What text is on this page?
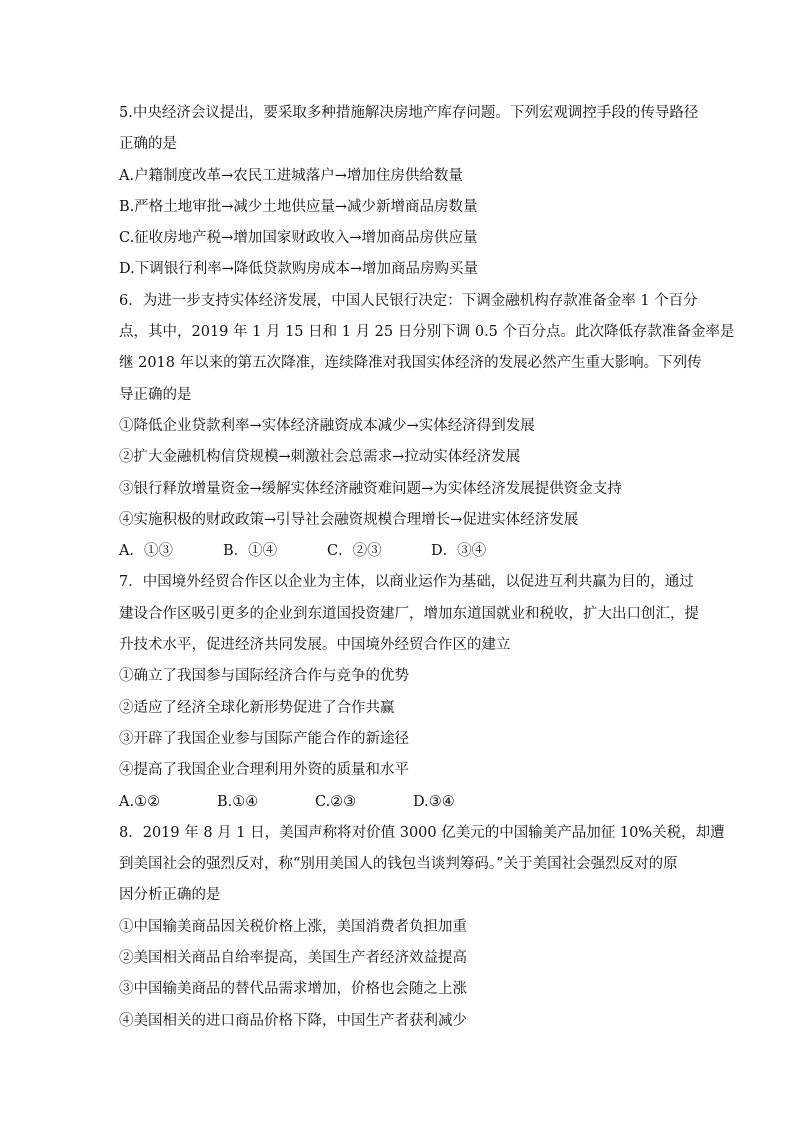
5.中央经济会议提出，要采取多种措施解决房地产库存问题。下列宏观调控手段的传导路径
正确的是
A.户籍制度改革→农民工进城落户→增加住房供给数量
B.严格土地审批→减少土地供应量→减少新增商品房数量
C.征收房地产税→增加国家财政收入→增加商品房供应量
D.下调银行利率→降低贷款购房成本→增加商品房购买量
6．为进一步支持实体经济发展，中国人民银行决定：下调金融机构存款准备金率 1 个百分
点，其中，2019 年 1 月 15 日和 1 月 25 日分别下调 0.5 个百分点。此次降低存款准备金率是
继 2018 年以来的第五次降准，连续降准对我国实体经济的发展必然产生重大影响。下列传
导正确的是
①降低企业贷款利率→实体经济融资成本减少→实体经济得到发展
②扩大金融机构信贷规模→刺激社会总需求→拉动实体经济发展
③银行释放增量资金→缓解实体经济融资难问题→为实体经济发展提供资金支持
④实施积极的财政政策→引导社会融资规模合理增长→促进实体经济发展
A．①③	B．①④	C．②③	D．③④
7．中国境外经贸合作区以企业为主体，以商业运作为基础，以促进互利共赢为目的，通过
建设合作区吸引更多的企业到东道国投资建厂，增加东道国就业和税收，扩大出口创汇，提
升技术水平，促进经济共同发展。中国境外经贸合作区的建立
①确立了我国参与国际经济合作与竞争的优势
②适应了经济全球化新形势促进了合作共赢
③开辟了我国企业参与国际产能合作的新途径
④提高了我国企业合理利用外资的质量和水平
A.①②	B.①④	C.②③	D.③④
8．2019 年 8 月 1 日，美国声称将对价值 3000 亿美元的中国输美产品加征 10%关税，却遭
到美国社会的强烈反对，称“别用美国人的钱包当谈判筹码。”关于美国社会强烈反对的原
因分析正确的是
①中国输美商品因关税价格上涨，美国消费者负担加重
②美国相关商品自给率提高，美国生产者经济效益提高
③中国输美商品的替代品需求增加，价格也会随之上涨
④美国相关的进口商品价格下降，中国生产者获利减少
